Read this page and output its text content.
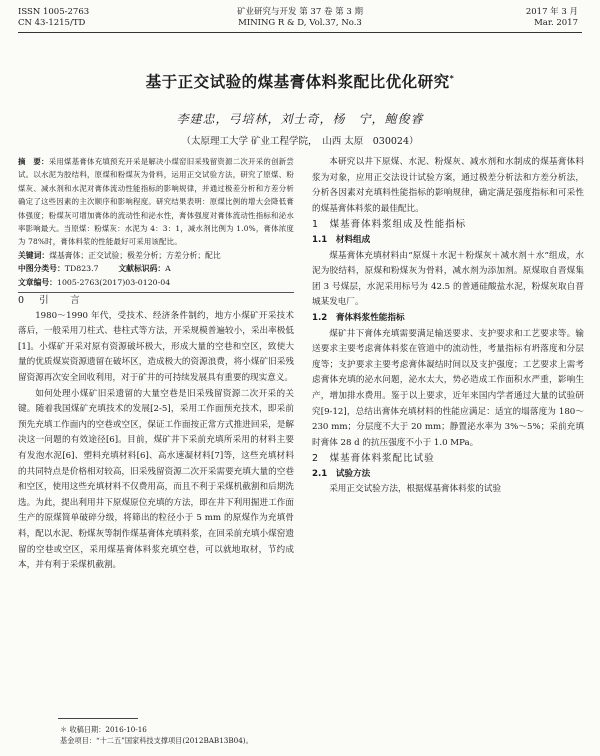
ISSN 1005-2763
CN 43-1215/TD
矿业研究与开发 第 37 卷 第 3 期
MINING R & D, Vol.37, No.3
2017 年 3 月
Mar. 2017
基于正交试验的煤基膏体料浆配比优化研究*
李建忠，弓培林，刘士奇，杨　宁，鲍俊睿
（太原理工大学 矿业工程学院，　山西 太原　030024）

摘　要：采用煤基膏体充填预充开采是解决小煤窑旧采残留资源二次开采的创新尝试。以水泥为胶结料，原煤和粉煤灰为骨料，运用正交试验方法，研究了原煤、粉煤灰、减水剂和水泥对膏体流动性能指标的影响规律，并通过极差分析和方差分析确定了这些因素的主次顺序和影响程度。研究结果表明：原煤比例的增大会降低膏体强度；粉煤灰可增加膏体的流动性和泌水性，膏体强度对膏体流动性指标和泌水率影响最大。当原煤：粉煤灰：水泥为 4：3：1，减水剂比例为 1.0%，膏体浓度为 78%时，膏体料浆的性能最好可采用该配比。

关键词：煤基膏体；正交试验；极差分析；方差分析；配比

中图分类号：TD823.7	文献标识码：A

文章编号：1005-2763(2017)03-0120-04

0 引　言

1980～1990 年代，受技术、经济条件制约，地方小煤矿开采技术落后，一般采用刀柱式、巷柱式等方法，开采规模普遍较小，采出率极低[1]。小煤矿开采对原有资源破坏极大，形成大量的空巷和空区，致使大量的优质煤炭资源遗留在破坏区，造成极大的资源浪费，将小煤矿旧采残留资源再次安全回收利用，对于矿井的可持续发展具有重要的现实意义。

如何处理小煤矿旧采遗留的大量空巷是旧采残留资源二次开采的关键。随着我国煤矿充填技术的发展[2-5]，采用工作面预充技术，即采前预先充填工作面内的空巷或空区，保证工作面按正常方式推进回采，是解决这一问题的有效途径[6]。目前，煤矿井下采前充填所采用的材料主要有发泡水泥[6]、塑料充填材料[6]、高水速凝材料[7]等，这些充填材料的共同特点是价格相对较高，旧采残留资源二次开采需要充填大量的空巷和空区，使用这些充填材料不仅费用高，而且不利于采煤机截割和后期洗选。为此，提出利用井下原煤原位充填的方法，即在井下利用掘进工作面生产的原煤简单破碎分级，将筛出的粒径小于 5 mm 的原煤作为充填骨料，配以水泥、粉煤灰等制作煤基膏体充填料浆，在回采前充填小煤窑遗留的空巷或空区，采用煤基膏体料浆充填空巷，可以就地取材，节约成本，并有利于采煤机截割。

本研究以井下原煤、水泥、粉煤灰、减水剂和水制成的煤基膏体料浆为对象，应用正交法设计试验方案，通过极差分析法和方差分析法，分析各因素对充填料性能指标的影响规律，确定满足强度指标和可采性的煤基膏体料浆的最佳配比。

1　 煤基膏体料浆组成及性能指标

1.1　材料组成

煤基膏体充填材料由“原煤＋水泥＋粉煤灰＋减水剂＋水”组成，水泥为胶结料，原煤和粉煤灰为骨料，减水剂为添加剂。原煤取自晋煤集团 3 号煤层，水泥采用标号为 42.5 的普通硅酸盐水泥，粉煤灰取自晋城某发电厂。

1.2　膏体料浆性能指标

煤矿井下膏体充填需要满足输送要求、支护要求和工艺要求等。输送要求主要考虑膏体料浆在管道中的流动性，考量指标有坍落度和分层度等；支护要求主要考虑膏体凝结时间以及支护强度；工艺要求上需考虑膏体充填的泌水问题，泌水太大，势必造成工作面积水严重，影响生产，增加排水费用。鉴于以上要求，近年来国内学者通过大量的试验研究[9-12]，总结出膏体充填材料的性能应满足：适宜的塌落度为 180～230 mm；分层度不大于 20 mm；静置泌水率为 3%～5%；采前充填时膏体 28 d 的抗压强度不小于 1.0 MPa。

2　 煤基膏体料浆配比试验

2.1　试验方法

采用正交试验方法，根据煤基膏体料浆的试验

＊ 收稿日期：2016-10-16
基金项目：“十二五”国家科技支撑项目(2012BAB13B04)。
